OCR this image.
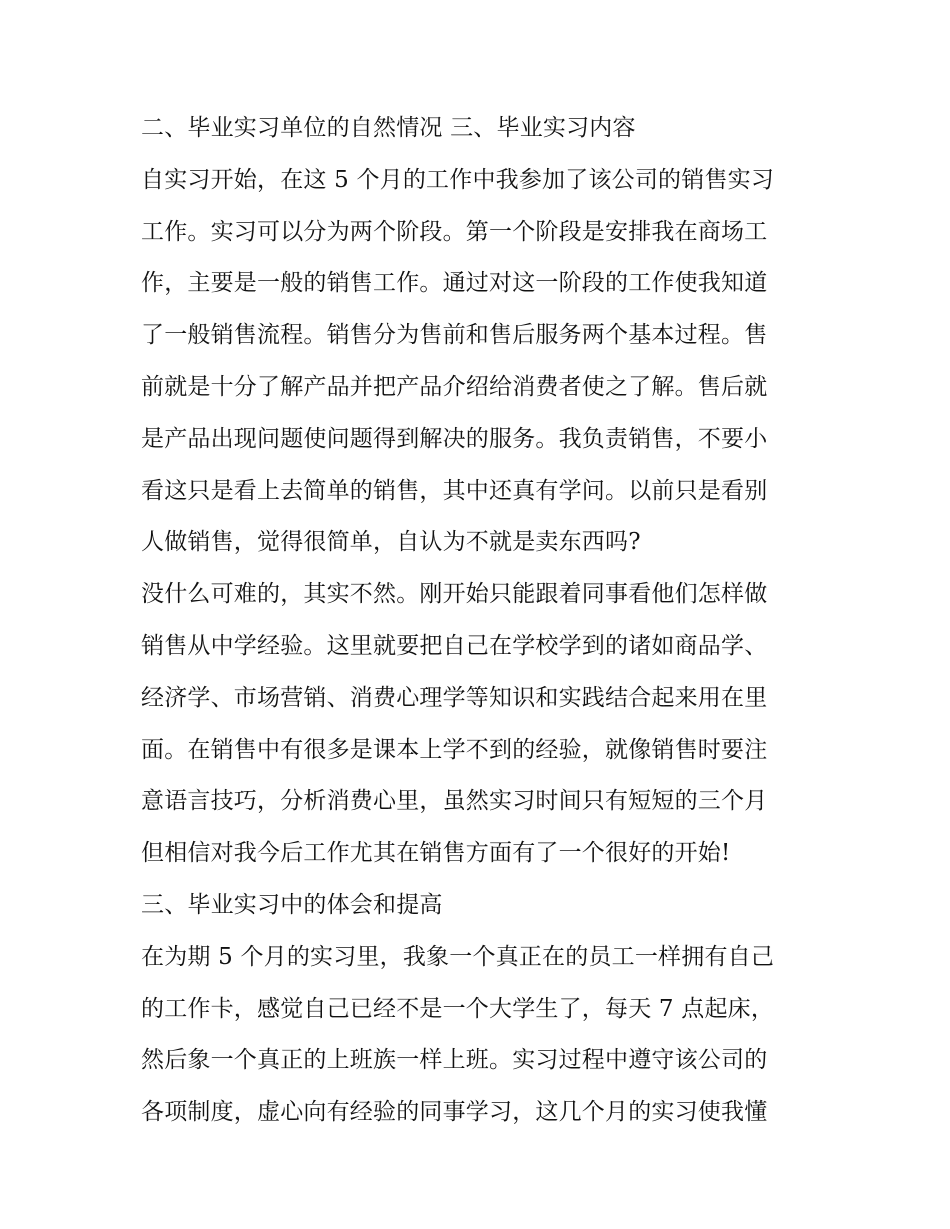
二、毕业实习单位的自然情况 三、毕业实习内容
自实习开始，在这 5 个月的工作中我参加了该公司的销售实习
工作。实习可以分为两个阶段。第一个阶段是安排我在商场工
作，主要是一般的销售工作。通过对这一阶段的工作使我知道
了一般销售流程。销售分为售前和售后服务两个基本过程。售
前就是十分了解产品并把产品介绍给消费者使之了解。售后就
是产品出现问题使问题得到解决的服务。我负责销售，不要小
看这只是看上去简单的销售，其中还真有学问。以前只是看别
人做销售，觉得很简单，自认为不就是卖东西吗?
没什么可难的，其实不然。刚开始只能跟着同事看他们怎样做
销售从中学经验。这里就要把自己在学校学到的诸如商品学、
经济学、市场营销、消费心理学等知识和实践结合起来用在里
面。在销售中有很多是课本上学不到的经验，就像销售时要注
意语言技巧，分析消费心里，虽然实习时间只有短短的三个月
但相信对我今后工作尤其在销售方面有了一个很好的开始!
三、毕业实习中的体会和提高
在为期 5 个月的实习里，我象一个真正在的员工一样拥有自己
的工作卡，感觉自己已经不是一个大学生了，每天 7 点起床，
然后象一个真正的上班族一样上班。实习过程中遵守该公司的
各项制度，虚心向有经验的同事学习，这几个月的实习使我懂
